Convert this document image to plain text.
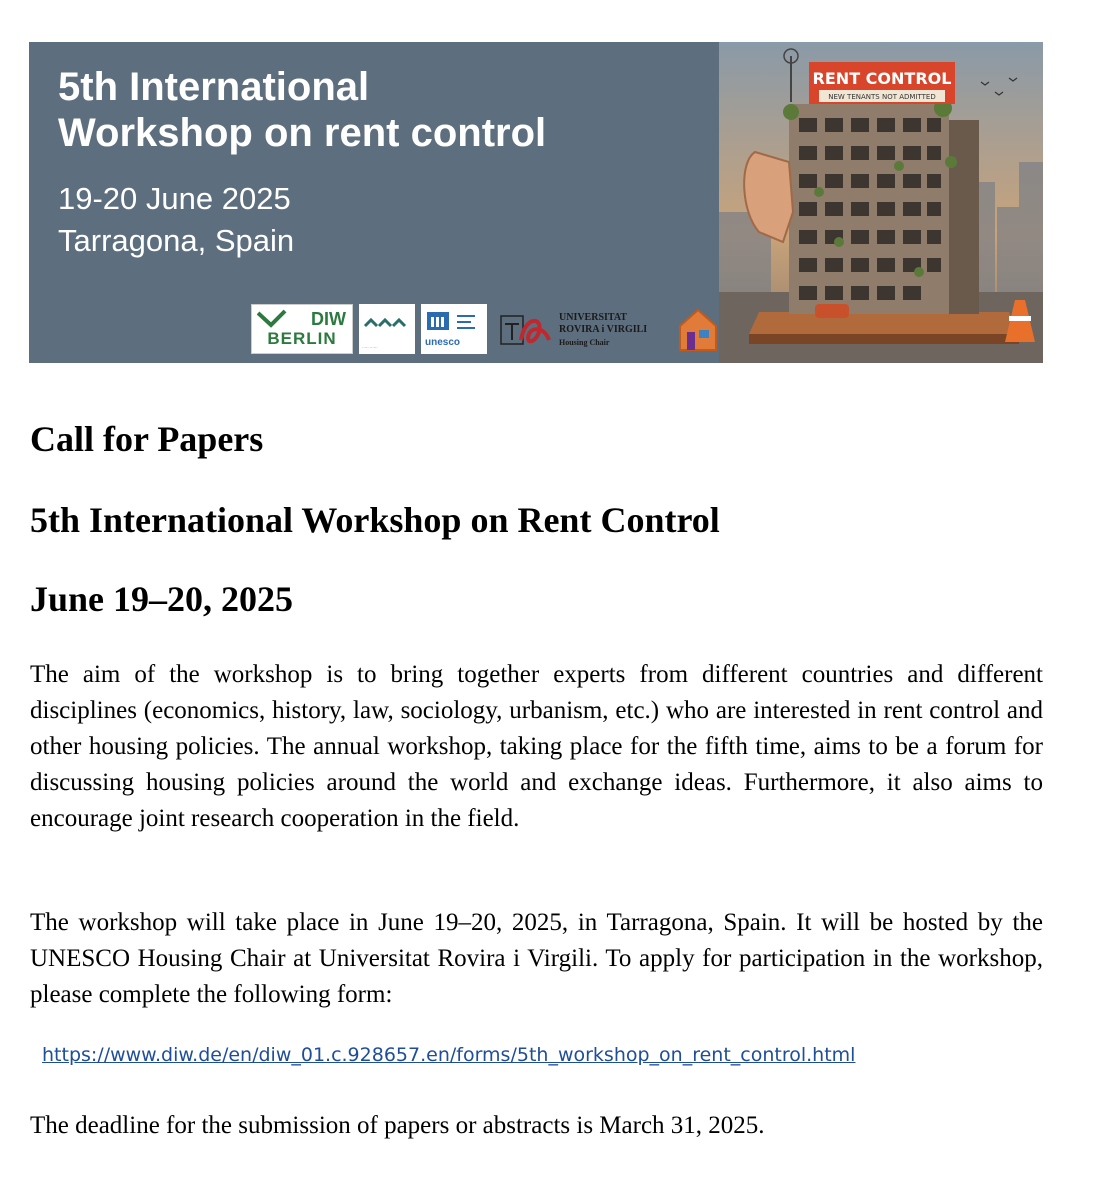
5th International
Workshop on rent control
19-20 June 2025
Tarragona, Spain
DIW
BERLIN	····· ······	unesco
UNIVERSITAT
ROVIRA i VIRGILI
Housing Chair
RENT CONTROL
NEW TENANTS NOT ADMITTED
Call for Papers
5th International Workshop on Rent Control
June 19–20, 2025

The aim of the workshop is to bring together experts from different countries and different disciplines (economics, history, law, sociology, urbanism, etc.) who are interested in rent control and other housing policies. The annual workshop, taking place for the fifth time, aims to be a forum for discussing housing policies around the world and exchange ideas. Furthermore, it also aims to encourage joint research cooperation in the field.

The workshop will take place in June 19–20, 2025, in Tarragona, Spain. It will be hosted by the UNESCO Housing Chair at Universitat Rovira i Virgili. To apply for participation in the workshop, please complete the following form:

https://www.diw.de/en/diw_01.c.928657.en/forms/5th_workshop_on_rent_control.html

The deadline for the submission of papers or abstracts is March 31, 2025.
